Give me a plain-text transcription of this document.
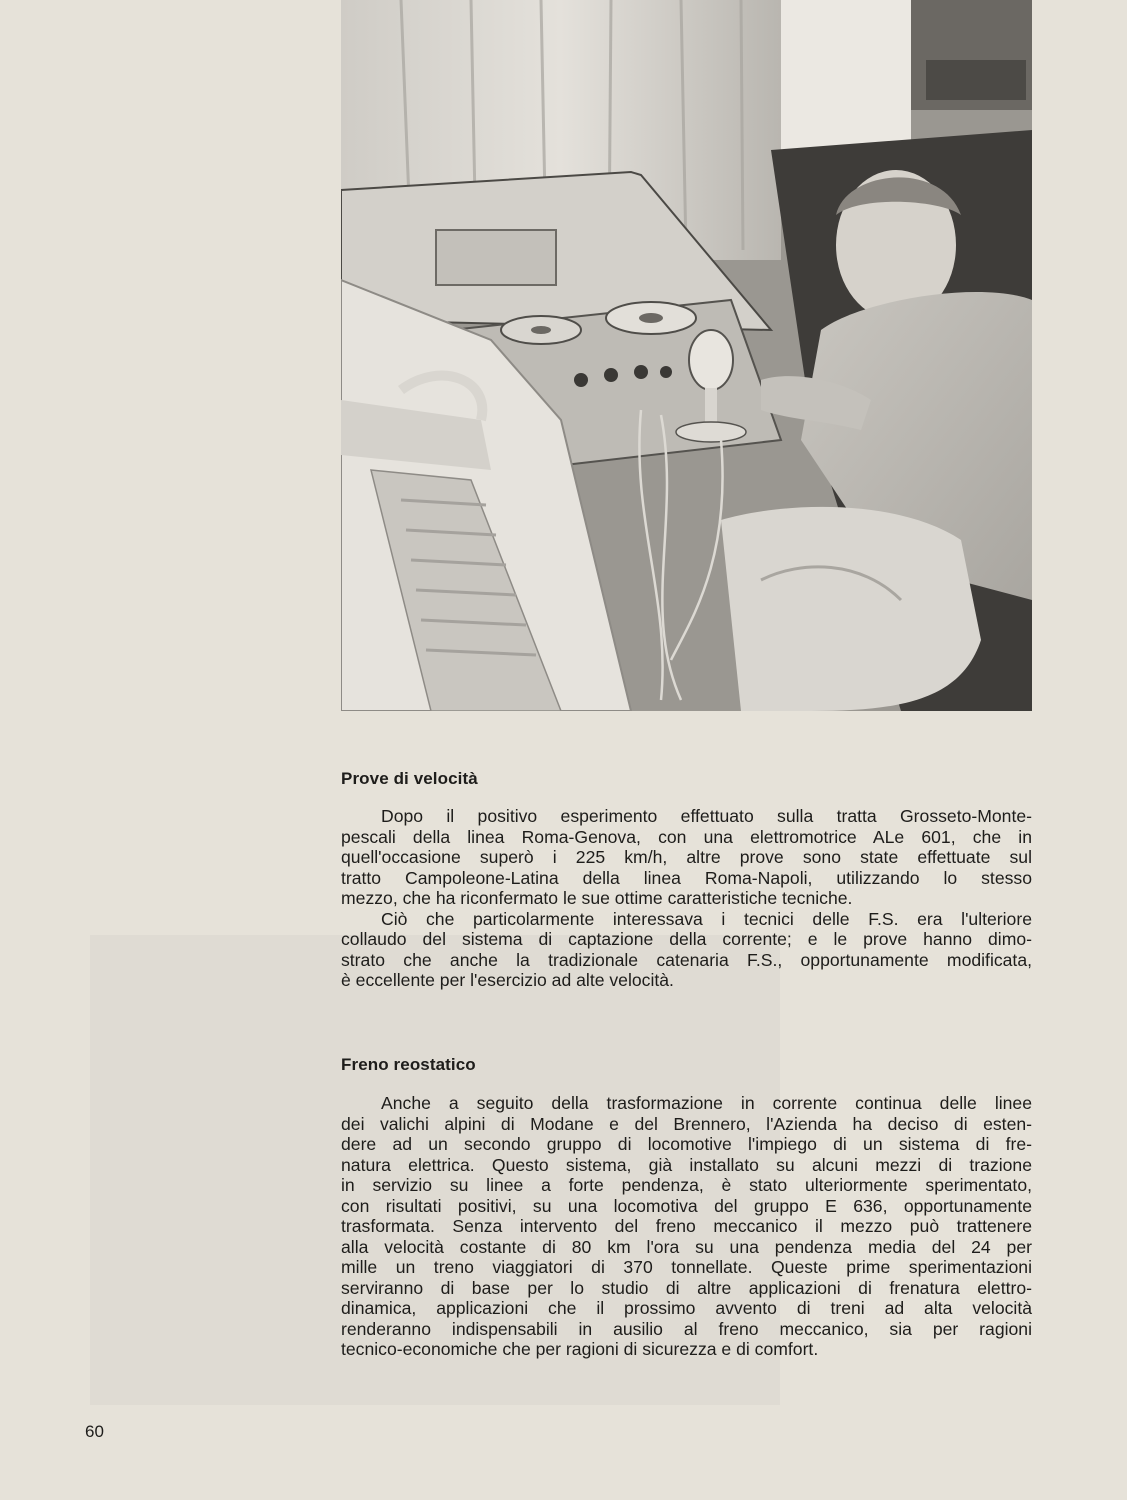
Prove di velocità
Dopo il positivo esperimento effettuato sulla tratta Grosseto-Monte-
pescali della linea Roma-Genova, con una elettromotrice ALe 601, che in
quell'occasione superò i 225 km/h, altre prove sono state effettuate sul
tratto Campoleone-Latina della linea Roma-Napoli, utilizzando lo stesso
mezzo, che ha riconfermato le sue ottime caratteristiche tecniche.
Ciò che particolarmente interessava i tecnici delle F.S. era l'ulteriore
collaudo del sistema di captazione della corrente; e le prove hanno dimo-
strato che anche la tradizionale catenaria F.S., opportunamente modificata,
è eccellente per l'esercizio ad alte velocità.
Freno reostatico
Anche a seguito della trasformazione in corrente continua delle linee
dei valichi alpini di Modane e del Brennero, l'Azienda ha deciso di esten-
dere ad un secondo gruppo di locomotive l'impiego di un sistema di fre-
natura elettrica. Questo sistema, già installato su alcuni mezzi di trazione
in servizio su linee a forte pendenza, è stato ulteriormente sperimentato,
con risultati positivi, su una locomotiva del gruppo E 636, opportunamente
trasformata. Senza intervento del freno meccanico il mezzo può trattenere
alla velocità costante di 80 km l'ora su una pendenza media del 24 per
mille un treno viaggiatori di 370 tonnellate. Queste prime sperimentazioni
serviranno di base per lo studio di altre applicazioni di frenatura elettro-
dinamica, applicazioni che il prossimo avvento di treni ad alta velocità
renderanno indispensabili in ausilio al freno meccanico, sia per ragioni
tecnico-economiche che per ragioni di sicurezza e di comfort.

60
